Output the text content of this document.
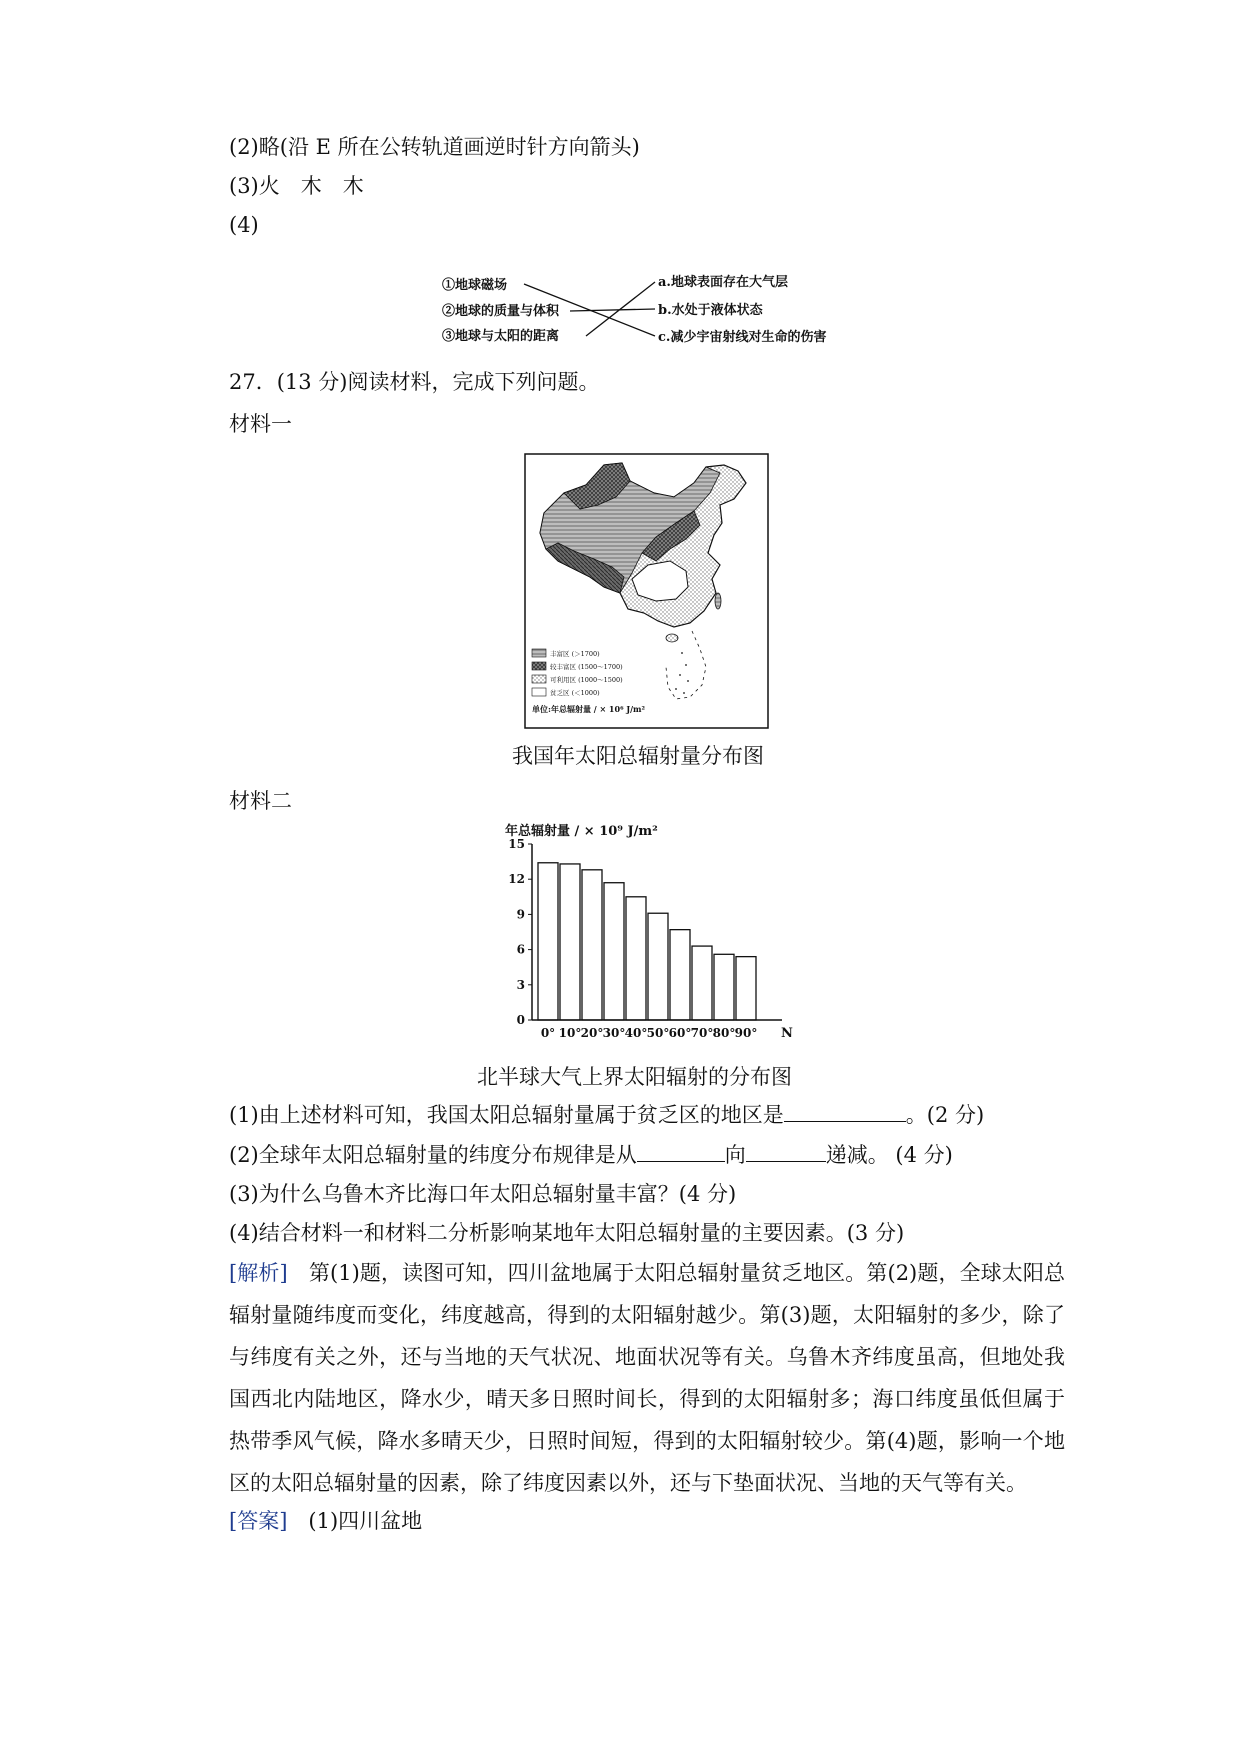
(2)略(沿 E 所在公转轨道画逆时针方向箭头)
(3)火　木　木
(4)
①地球磁场
②地球的质量与体积
③地球与太阳的距离
a.地球表面存在大气层
b.水处于液体状态
c.减少宇宙射线对生命的伤害
27．(13 分)阅读材料，完成下列问题。
材料一
丰富区 (＞1700)
较丰富区 (1500～1700)
可利用区 (1000～1500)
贫乏区 (＜1000)
单位:年总辐射量 / × 10⁶ J/m²
我国年太阳总辐射量分布图
材料二
年总辐射量 / × 10⁹ J/m²
0
3
6
9
12
15
0° 10° 20° 30° 40° 50° 60° 70° 80° 90° N
北半球大气上界太阳辐射的分布图
(1)由上述材料可知，我国太阳总辐射量属于贫乏区的地区是	。(2 分)
(2)全球年太阳总辐射量的纬度分布规律是从	向	递减。 (4 分)
(3)为什么乌鲁木齐比海口年太阳总辐射量丰富？(4 分)
(4)结合材料一和材料二分析影响某地年太阳总辐射量的主要因素。(3 分)
[解析]　第(1)题，读图可知，四川盆地属于太阳总辐射量贫乏地区。第(2)题，全球太阳总辐射量随纬度而变化，纬度越高，得到的太阳辐射越少。第(3)题，太阳辐射的多少，除了与纬度有关之外，还与当地的天气状况、地面状况等有关。乌鲁木齐纬度虽高，但地处我国西北内陆地区，降水少，晴天多日照时间长，得到的太阳辐射多；海口纬度虽低但属于热带季风气候，降水多晴天少，日照时间短，得到的太阳辐射较少。第(4)题，影响一个地区的太阳总辐射量的因素，除了纬度因素以外，还与下垫面状况、当地的天气等有关。
[答案]　(1)四川盆地
